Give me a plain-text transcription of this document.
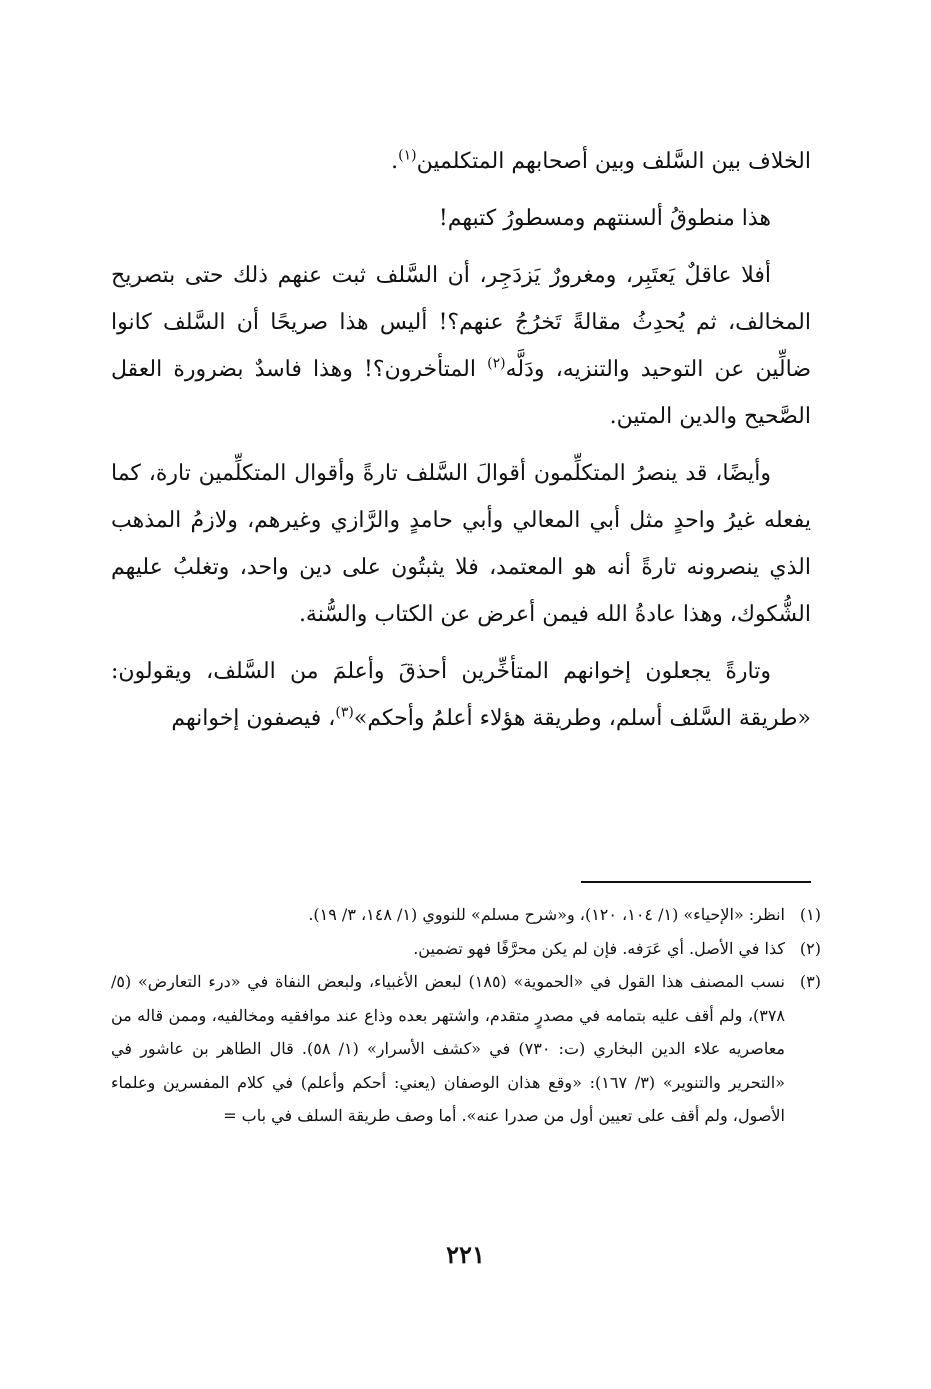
الخلاف بين السَّلف وبين أصحابهم المتكلمين$^{(١)}$.

هذا منطوقُ ألسنتهم ومسطورُ كتبهم!

أفلا عاقلٌ يَعتَبِر، ومغرورٌ يَزدَجِر، أن السَّلف ثبت عنهم ذلك حتى بتصريح المخالف، ثم يُحدِثُ مقالةً تَخرُجُ عنهم؟! أليس هذا صريحًا أن السَّلف كانوا ضالِّين عن التوحيد والتنزيه، ودَلَّه$^{(٢)}$ المتأخرون؟! وهذا فاسدٌ بضرورة العقل الصَّحيح والدين المتين.

وأيضًا، قد ينصرُ المتكلِّمون أقوالَ السَّلف تارةً وأقوال المتكلِّمين تارة، كما يفعله غيرُ واحدٍ مثل أبي المعالي وأبي حامدٍ والرَّازي وغيرهم، ولازمُ المذهب الذي ينصرونه تارةً أنه هو المعتمد، فلا يثبتُون على دين واحد، وتغلبُ عليهم الشُّكوك، وهذا عادةُ الله فيمن أعرض عن الكتاب والسُّنة.

وتارةً يجعلون إخوانهم المتأخِّرين أحذقَ وأعلمَ من السَّلف، ويقولون: «طريقة السَّلف أسلم، وطريقة هؤلاء أعلمُ وأحكم»$^{(٣)}$، فيصفون إخوانهم

(١)
انظر: «الإحياء» (١/ ١٠٤، ١٢٠)، و«شرح مسلم» للنووي (١/ ١٤٨، ٣/ ١٩).
(٢)
كذا في الأصل. أي عَرَفه. فإن لم يكن محرَّفًا فهو تضمين.
(٣)
نسب المصنف هذا القول في «الحموية» (١٨٥) لبعض الأغبياء، ولبعض النفاة في «درء التعارض» (٥/ ٣٧٨)، ولم أقف عليه بتمامه في مصدرٍ متقدم، واشتهر بعده وذاع عند موافقيه ومخالفيه، وممن قاله من معاصريه علاء الدين البخاري (ت: ٧٣٠) في «كشف الأسرار» (١/ ٥٨). قال الطاهر بن عاشور في «التحرير والتنوير» (٣/ ١٦٧): «وقع هذان الوصفان (يعني: أحكم وأعلم) في كلام المفسرين وعلماء الأصول، ولم أقف على تعيين أول من صدرا عنه». أما وصف طريقة السلف في باب =
٢٢١
